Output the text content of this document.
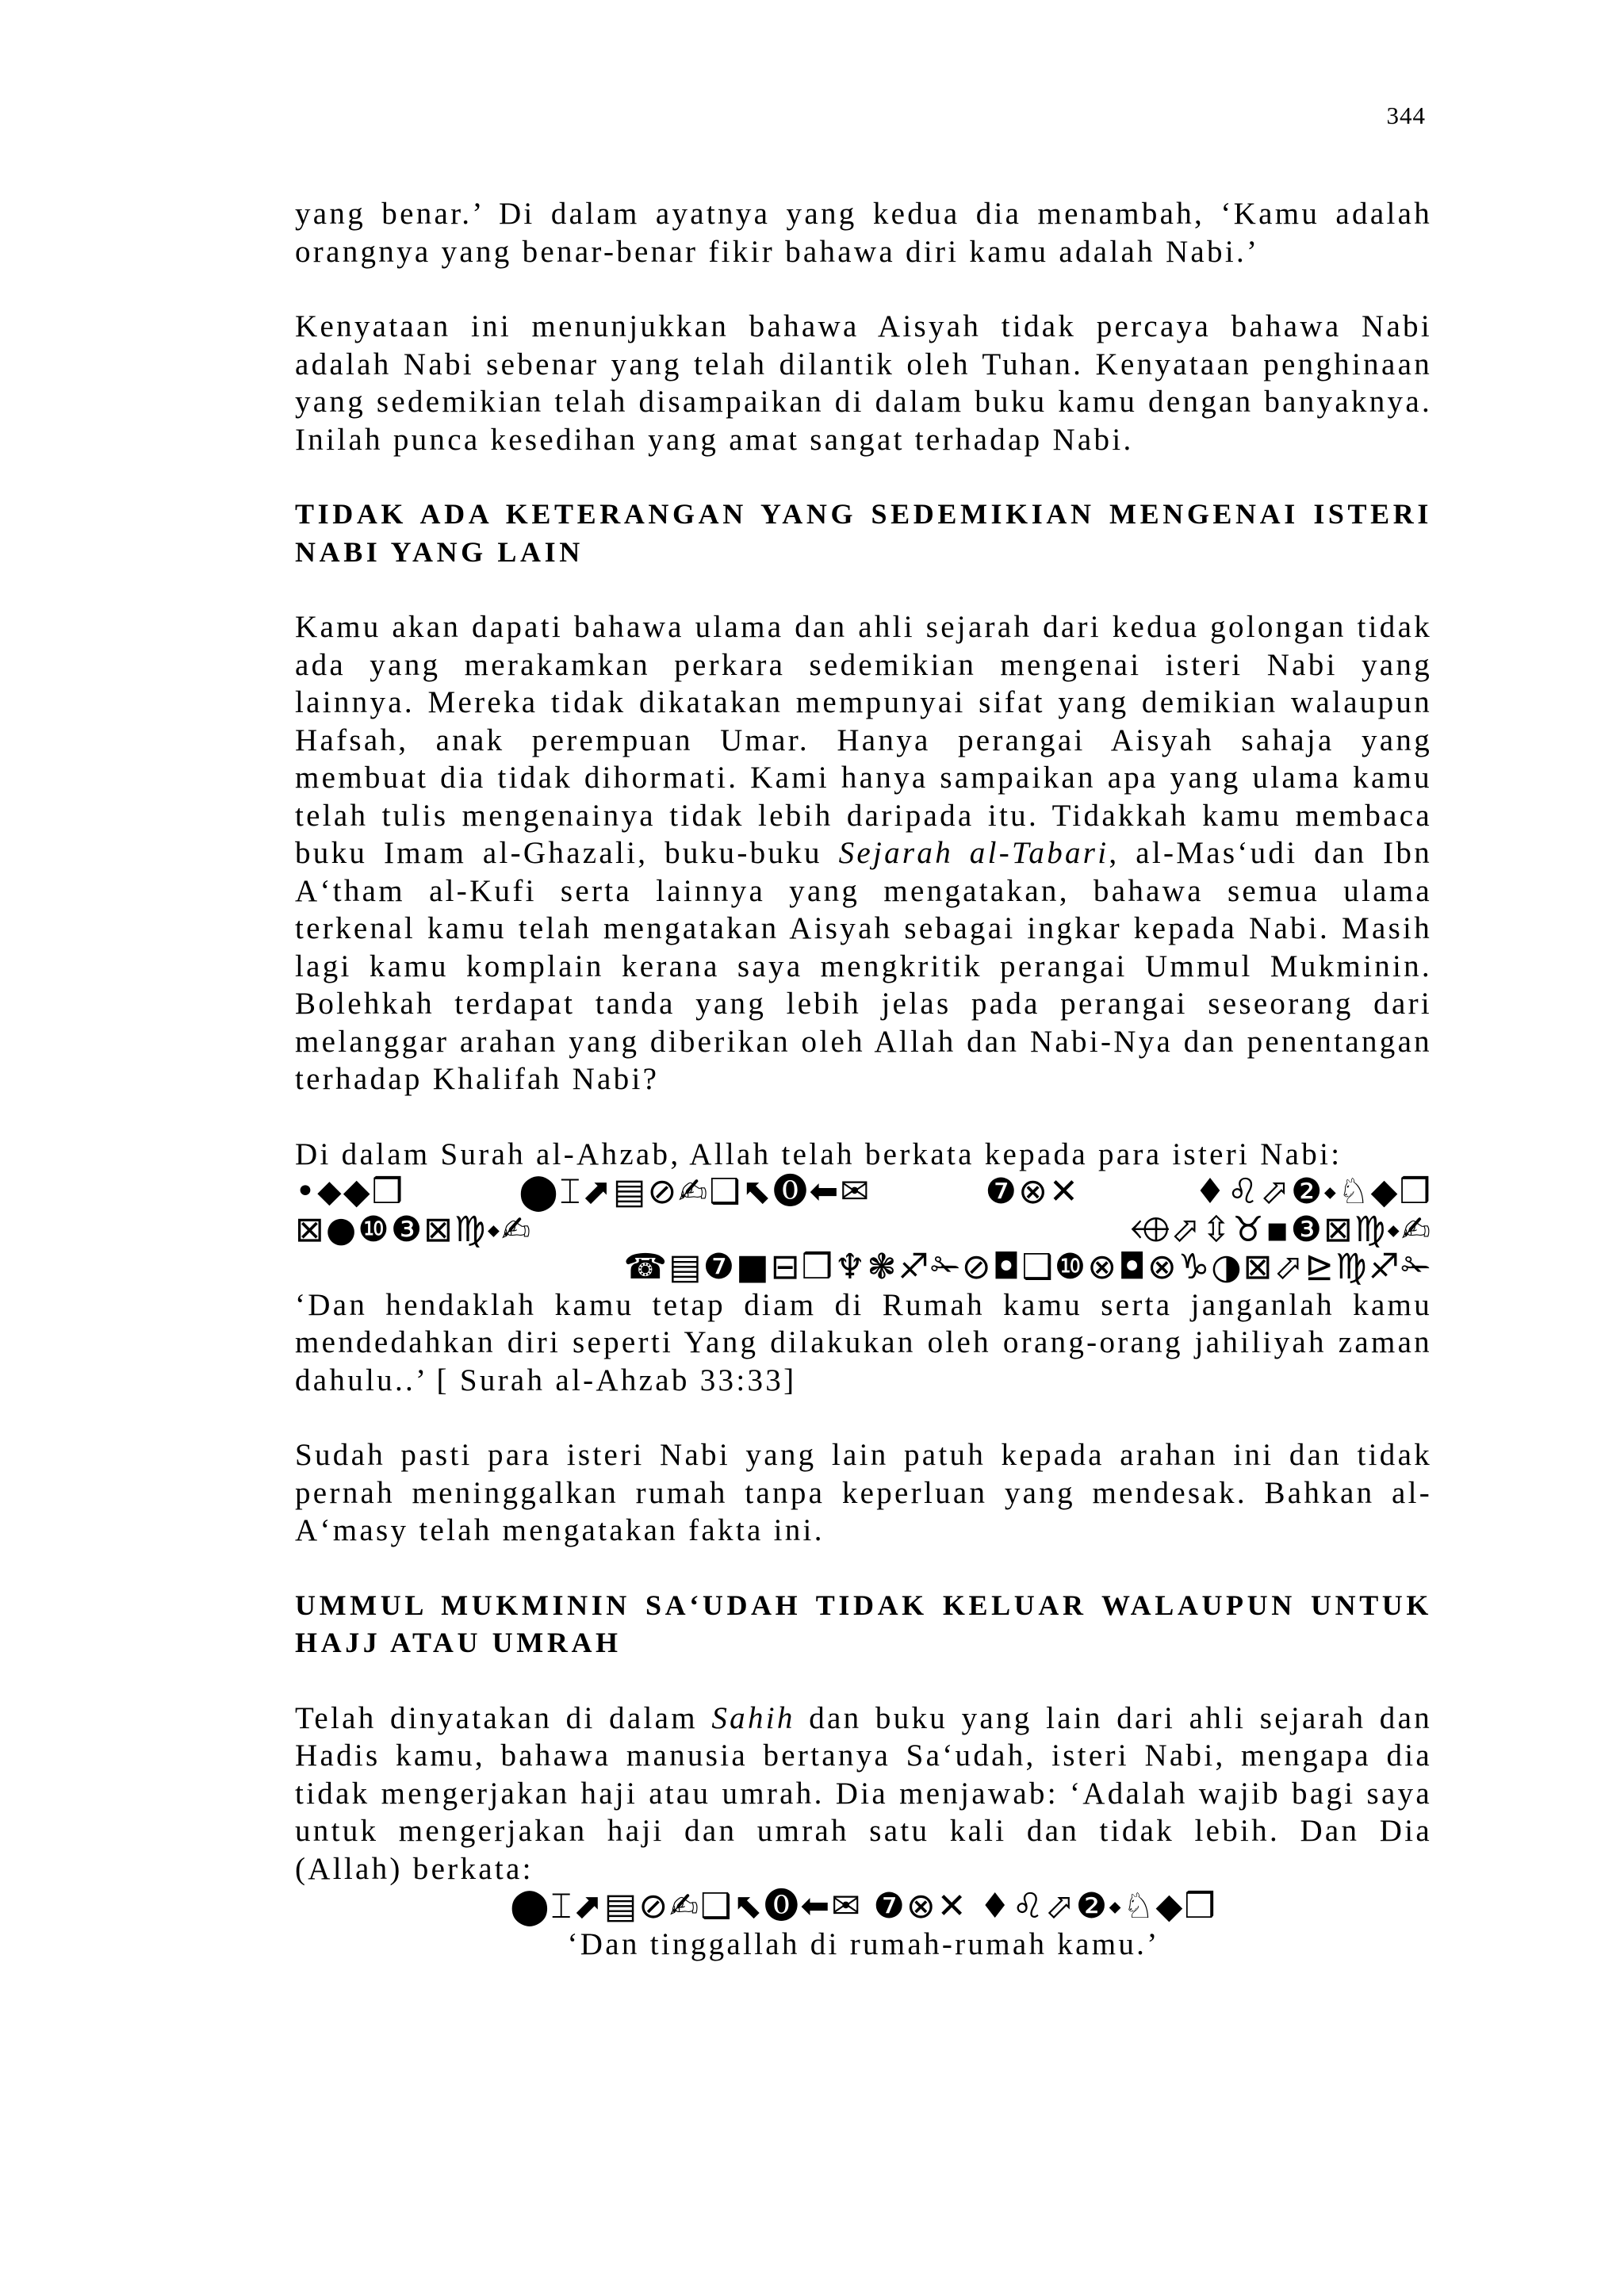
344

yang benar.’ Di dalam ayatnya yang kedua dia menambah, ‘Kamu adalah orangnya yang benar-benar fikir bahawa diri kamu adalah Nabi.’

Kenyataan ini menunjukkan bahawa Aisyah tidak percaya bahawa Nabi adalah Nabi sebenar yang telah dilantik oleh Tuhan. Kenyataan penghinaan yang sedemikian telah disampaikan di dalam buku kamu dengan banyaknya. Inilah punca kesedihan yang amat sangat terhadap Nabi.

TIDAK ADA KETERANGAN YANG SEDEMIKIAN MENGENAI ISTERI NABI YANG LAIN

Kamu akan dapati bahawa ulama dan ahli sejarah dari kedua golongan tidak ada yang merakamkan perkara sedemikian mengenai isteri Nabi yang lainnya. Mereka tidak dikatakan mempunyai sifat yang demikian walaupun Hafsah, anak perempuan Umar. Hanya perangai Aisyah sahaja yang membuat dia tidak dihormati. Kami hanya sampaikan apa yang ulama kamu telah tulis mengenainya tidak lebih daripada itu. Tidakkah kamu membaca buku Imam al-Ghazali, buku-buku Sejarah al-Tabari, al-Mas‘udi dan Ibn A‘tham al-Kufi serta lainnya yang mengatakan, bahawa semua ulama terkenal kamu telah mengatakan Aisyah sebagai ingkar kepada Nabi. Masih lagi kamu komplain kerana saya mengkritik perangai Ummul Mukminin. Bolehkah terdapat tanda yang lebih jelas pada perangai seseorang dari melanggar arahan yang diberikan oleh Allah dan Nabi-Nya dan penentangan terhadap Khalifah Nabi?

Di dalam Surah al-Ahzab, Allah telah berkata kepada para isteri Nabi:

•⬥◆❒	⬤⌶⬈▤⊘✍❑⬉⓿⬅✉	❼⊗✕	♦♌⬀❷⬩♘◆❒
⊠●❿❸⊠♍⬩✍	⬲⬀⇳♉▪❸⊠♍⬩✍
☎▤❼■⊟❒♆❃♐✁⊘◘❑❿⊗◘⊗♑◑⊠⬀⊵♍♐✁

‘Dan hendaklah kamu tetap diam di Rumah kamu serta janganlah kamu mendedahkan diri seperti Yang dilakukan oleh orang-orang jahiliyah zaman dahulu..’ [ Surah al-Ahzab 33:33]

Sudah pasti para isteri Nabi yang lain patuh kepada arahan ini dan tidak pernah meninggalkan rumah tanpa keperluan yang mendesak. Bahkan al-A‘masy telah mengatakan fakta ini.

UMMUL MUKMININ SA‘UDAH TIDAK KELUAR WALAUPUN UNTUK HAJJ ATAU UMRAH

Telah dinyatakan di dalam Sahih dan buku yang lain dari ahli sejarah dan Hadis kamu, bahawa manusia bertanya Sa‘udah, isteri Nabi, mengapa dia tidak mengerjakan haji atau umrah. Dia menjawab: ‘Adalah wajib bagi saya untuk mengerjakan haji dan umrah satu kali dan tidak lebih. Dan Dia (Allah) berkata:

⬤⌶⬈▤⊘✍❑⬉⓿⬅✉
❼⊗✕
♦♌⬀❷⬩♘◆❒

‘Dan tinggallah di rumah-rumah kamu.’
